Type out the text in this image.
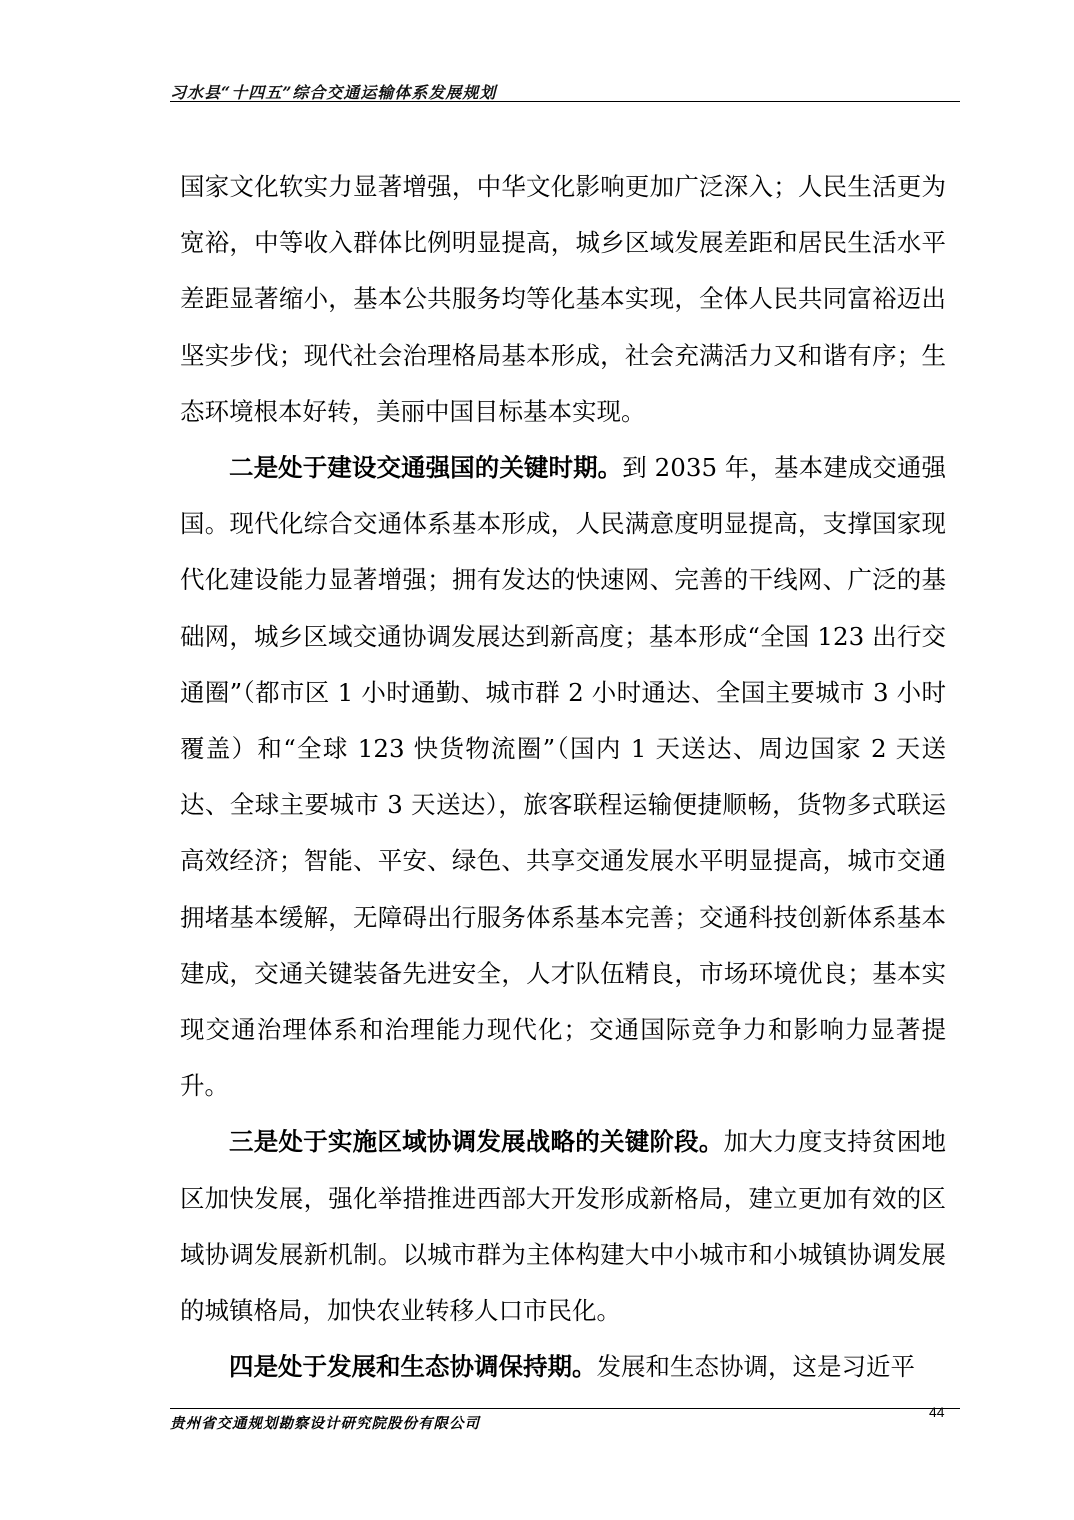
习水县“十四五”综合交通运输体系发展规划

国家文化软实力显著增强，中华文化影响更加广泛深入；人民生活更为宽裕，中等收入群体比例明显提高，城乡区域发展差距和居民生活水平差距显著缩小，基本公共服务均等化基本实现，全体人民共同富裕迈出坚实步伐；现代社会治理格局基本形成，社会充满活力又和谐有序；生态环境根本好转，美丽中国目标基本实现。

二是处于建设交通强国的关键时期。到 2035 年，基本建成交通强国。现代化综合交通体系基本形成，人民满意度明显提高，支撑国家现代化建设能力显著增强；拥有发达的快速网、完善的干线网、广泛的基础网，城乡区域交通协调发展达到新高度；基本形成“全国 123 出行交通圈”（都市区 1 小时通勤、城市群 2 小时通达、全国主要城市 3 小时覆盖）和“全球 123 快货物流圈”（国内 1 天送达、周边国家 2 天送达、全球主要城市 3 天送达），旅客联程运输便捷顺畅，货物多式联运高效经济；智能、平安、绿色、共享交通发展水平明显提高，城市交通拥堵基本缓解，无障碍出行服务体系基本完善；交通科技创新体系基本建成，交通关键装备先进安全，人才队伍精良，市场环境优良；基本实现交通治理体系和治理能力现代化；交通国际竞争力和影响力显著提升。

三是处于实施区域协调发展战略的关键阶段。加大力度支持贫困地区加快发展，强化举措推进西部大开发形成新格局，建立更加有效的区域协调发展新机制。以城市群为主体构建大中小城市和小城镇协调发展的城镇格局，加快农业转移人口市民化。

四是处于发展和生态协调保持期。发展和生态协调，这是习近平

贵州省交通规划勘察设计研究院股份有限公司
44
